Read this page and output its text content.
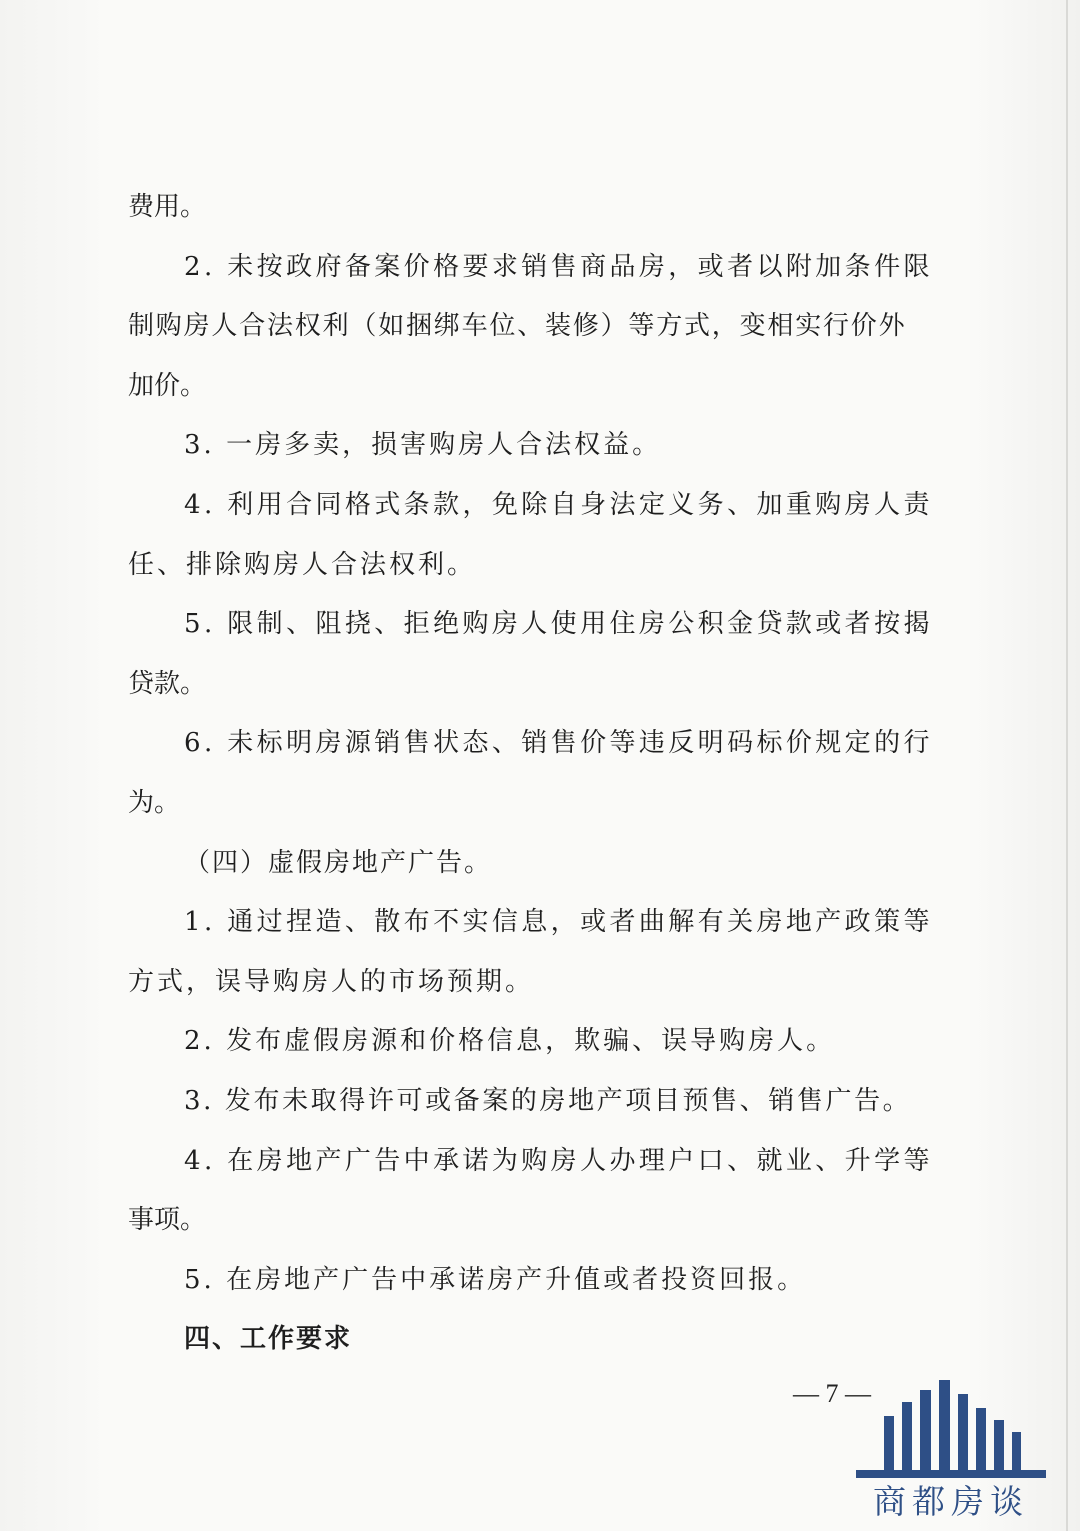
费用。
2. 未按政府备案价格要求销售商品房，或者以附加条件限
制购房人合法权利（如捆绑车位、装修）等方式，变相实行价外
加价。
3. 一房多卖，损害购房人合法权益。
4. 利用合同格式条款，免除自身法定义务、加重购房人责
任、排除购房人合法权利。
5. 限制、阻挠、拒绝购房人使用住房公积金贷款或者按揭
贷款。
6. 未标明房源销售状态、销售价等违反明码标价规定的行
为。
（四）虚假房地产广告。
1. 通过捏造、散布不实信息，或者曲解有关房地产政策等
方式，误导购房人的市场预期。
2. 发布虚假房源和价格信息，欺骗、误导购房人。
3. 发布未取得许可或备案的房地产项目预售、销售广告。
4. 在房地产广告中承诺为购房人办理户口、就业、升学等
事项。
5. 在房地产广告中承诺房产升值或者投资回报。
四、工作要求
— 7 —
商都房谈
